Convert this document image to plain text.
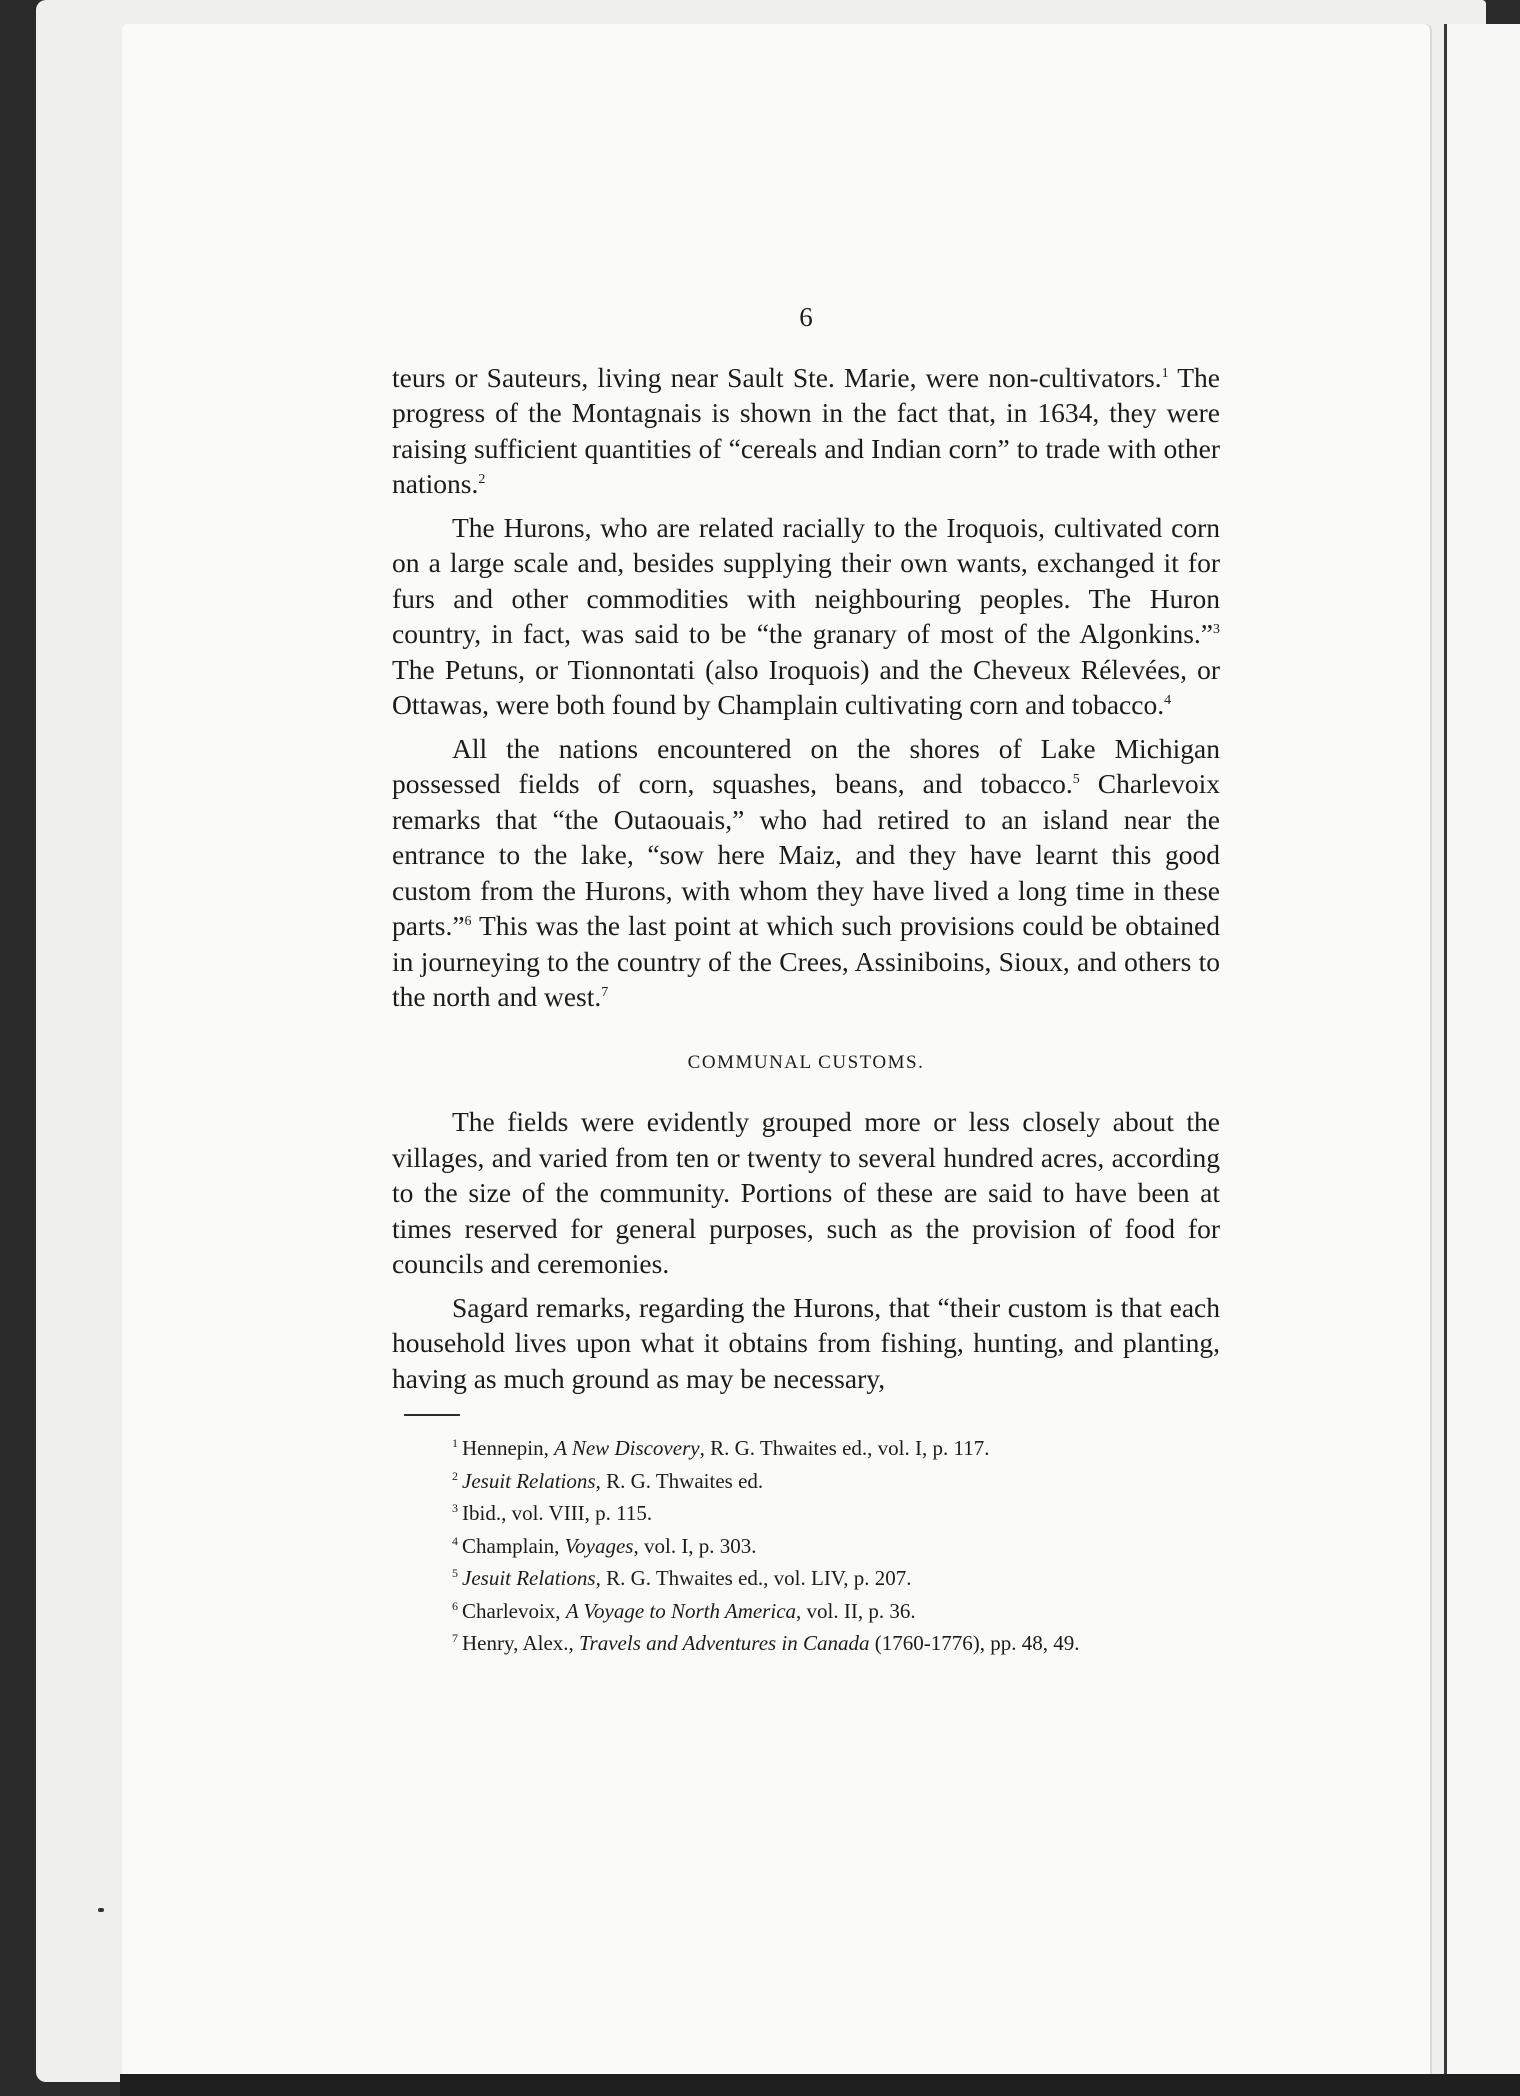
6

teurs or Sauteurs, living near Sault Ste. Marie, were non-cultivators.$^1$ The progress of the Montagnais is shown in the fact that, in 1634, they were raising sufficient quantities of “cereals and Indian corn” to trade with other nations.$^2$

The Hurons, who are related racially to the Iroquois, cultivated corn on a large scale and, besides supplying their own wants, exchanged it for furs and other commodities with neighbouring peoples. The Huron country, in fact, was said to be “the granary of most of the Algonkins.”$^3$ The Petuns, or Tionnontati (also Iroquois) and the Cheveux Rélevées, or Ottawas, were both found by Champlain cultivating corn and tobacco.$^4$

All the nations encountered on the shores of Lake Michigan possessed fields of corn, squashes, beans, and tobacco.$^5$ Charlevoix remarks that “the Outaouais,” who had retired to an island near the entrance to the lake, “sow here Maiz, and they have learnt this good custom from the Hurons, with whom they have lived a long time in these parts.”$^6$ This was the last point at which such provisions could be obtained in journeying to the country of the Crees, Assiniboins, Sioux, and others to the north and west.$^7$

COMMUNAL CUSTOMS.

The fields were evidently grouped more or less closely about the villages, and varied from ten or twenty to several hundred acres, according to the size of the community. Portions of these are said to have been at times reserved for general purposes, such as the provision of food for councils and ceremonies.

Sagard remarks, regarding the Hurons, that “their custom is that each household lives upon what it obtains from fishing, hunting, and planting, having as much ground as may be necessary,

$^1$ Hennepin, A New Discovery, R. G. Thwaites ed., vol. I, p. 117.

$^2$ Jesuit Relations, R. G. Thwaites ed.

$^3$ Ibid., vol. VIII, p. 115.

$^4$ Champlain, Voyages, vol. I, p. 303.

$^5$ Jesuit Relations, R. G. Thwaites ed., vol. LIV, p. 207.

$^6$ Charlevoix, A Voyage to North America, vol. II, p. 36.

$^7$ Henry, Alex., Travels and Adventures in Canada (1760-1776), pp. 48, 49.
